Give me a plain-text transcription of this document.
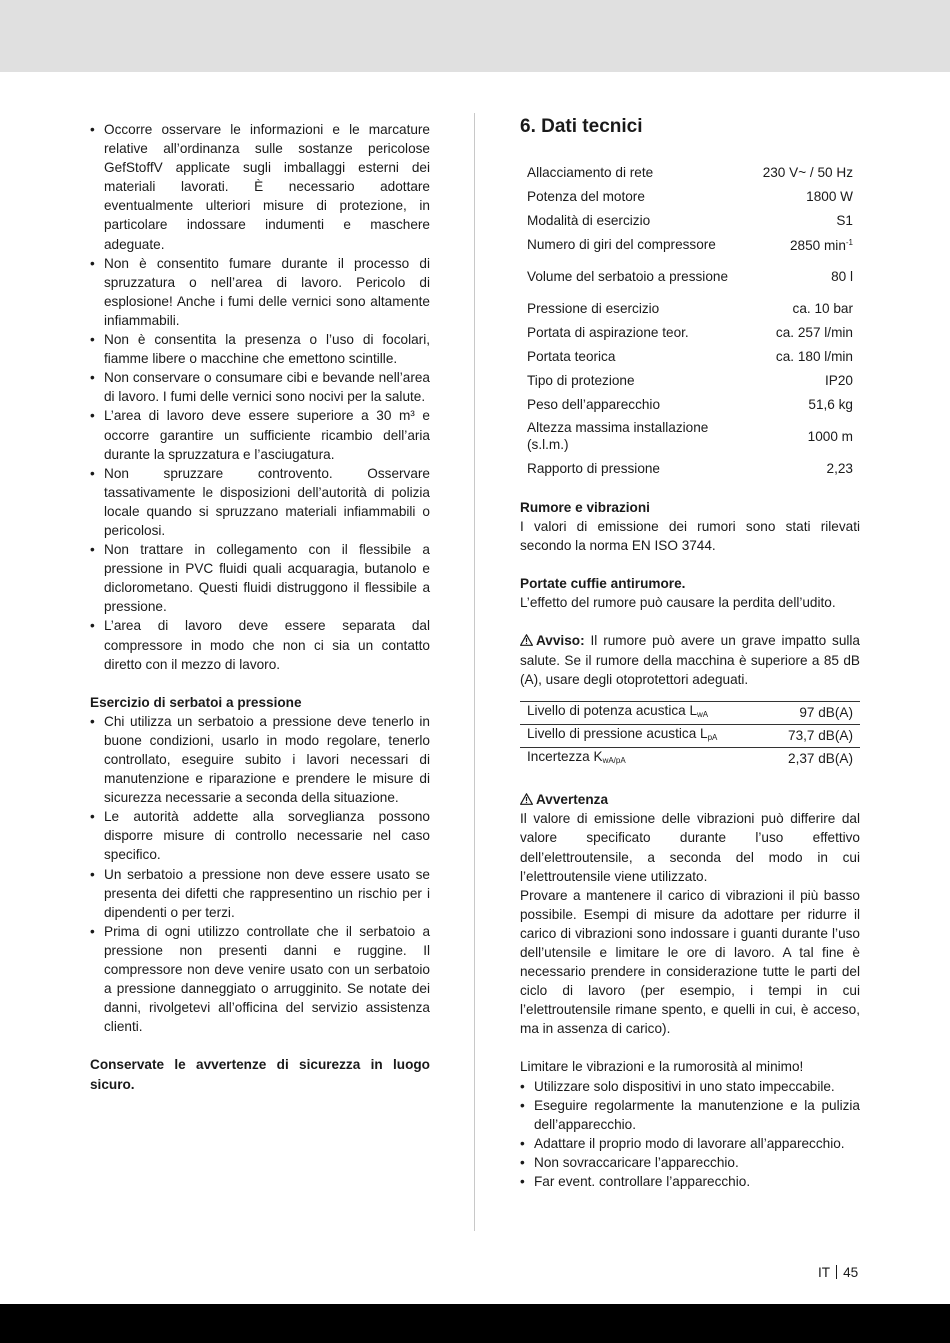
• Occorre osservare le informazioni e le marcature relative all’ordinanza sulle sostanze pericolose GefStoffV applicate sugli imballaggi esterni dei materiali lavorati. È necessario adottare eventualmente ulteriori misure di protezione, in particolare indossare indumenti e maschere adeguate.
• Non è consentito fumare durante il processo di spruzzatura o nell’area di lavoro. Pericolo di esplosione! Anche i fumi delle vernici sono altamente infiammabili.
• Non è consentita la presenza o l’uso di focolari, fiamme libere o macchine che emettono scintille.
• Non conservare o consumare cibi e bevande nell’area di lavoro. I fumi delle vernici sono nocivi per la salute.
• L’area di lavoro deve essere superiore a 30 m³ e occorre garantire un sufficiente ricambio dell’aria durante la spruzzatura e l’asciugatura.
• Non spruzzare controvento. Osservare tassativamente le disposizioni dell’autorità di polizia locale quando si spruzzano materiali infiammabili o pericolosi.
• Non trattare in collegamento con il flessibile a pressione in PVC fluidi quali acquaragia, butanolo e diclorometano. Questi fluidi distruggono il flessibile a pressione.
• L’area di lavoro deve essere separata dal compressore in modo che non ci sia un contatto diretto con il mezzo di lavoro.
Esercizio di serbatoi a pressione
• Chi utilizza un serbatoio a pressione deve tenerlo in buone condizioni, usarlo in modo regolare, tenerlo controllato, eseguire subito i lavori necessari di manutenzione e riparazione e prendere le misure di sicurezza necessarie a seconda della situazione.
• Le autorità addette alla sorveglianza possono disporre misure di controllo necessarie nel caso specifico.
• Un serbatoio a pressione non deve essere usato se presenta dei difetti che rappresentino un rischio per i dipendenti o per terzi.
• Prima di ogni utilizzo controllate che il serbatoio a pressione non presenti danni e ruggine. Il compressore non deve venire usato con un serbatoio a pressione danneggiato o arrugginito. Se notate dei danni, rivolgetevi all’officina del servizio assistenza clienti.

Conservate le avvertenze di sicurezza in luogo sicuro.

6. Dati tecnici
Allacciamento di rete	230 V~ / 50 Hz
Potenza del motore	1800 W
Modalità di esercizio	S1
Numero di giri del compressore	2850 $\min^{-1}$
Volume del serbatoio a pressione	80 l
Pressione di esercizio	ca. 10 bar
Portata di aspirazione teor.	ca. 257 l/min
Portata teorica	ca. 180 l/min
Tipo di protezione	IP20
Peso dell’apparecchio	51,6 kg
Altezza massima installazione (s.l.m.)	1000 m
Rapporto di pressione	2,23
Rumore e vibrazioni

I valori di emissione dei rumori sono stati rilevati secondo la norma EN ISO 3744.

Portate cuffie antirumore.

L’effetto del rumore può causare la perdita dell’udito.

Avviso: Il rumore può avere un grave impatto sulla salute. Se il rumore della macchina è superiore a 85 dB (A), usare degli otoprotettori adeguati.

Livello di potenza acustica $L_{wA}$	97 dB(A)
Livello di pressione acustica $L_{pA}$	73,7 dB(A)
Incertezza $K_{wA/pA}$	2,37 dB(A)
Avvertenza

Il valore di emissione delle vibrazioni può differire dal valore specificato durante l’uso effettivo dell’elettroutensile, a seconda del modo in cui l’elettroutensile viene utilizzato.

Provare a mantenere il carico di vibrazioni il più basso possibile. Esempi di misure da adottare per ridurre il carico di vibrazioni sono indossare i guanti durante l’uso dell’utensile e limitare le ore di lavoro. A tal fine è necessario prendere in considerazione tutte le parti del ciclo di lavoro (per esempio, i tempi in cui l’elettroutensile rimane spento, e quelli in cui, è acceso, ma in assenza di carico).

Limitare le vibrazioni e la rumorosità al minimo!

• Utilizzare solo dispositivi in uno stato impeccabile.
• Eseguire regolarmente la manutenzione e la pulizia dell’apparecchio.
• Adattare il proprio modo di lavorare all’apparecchio.
• Non sovraccaricare l’apparecchio.
• Far event. controllare l’apparecchio.
IT 45
